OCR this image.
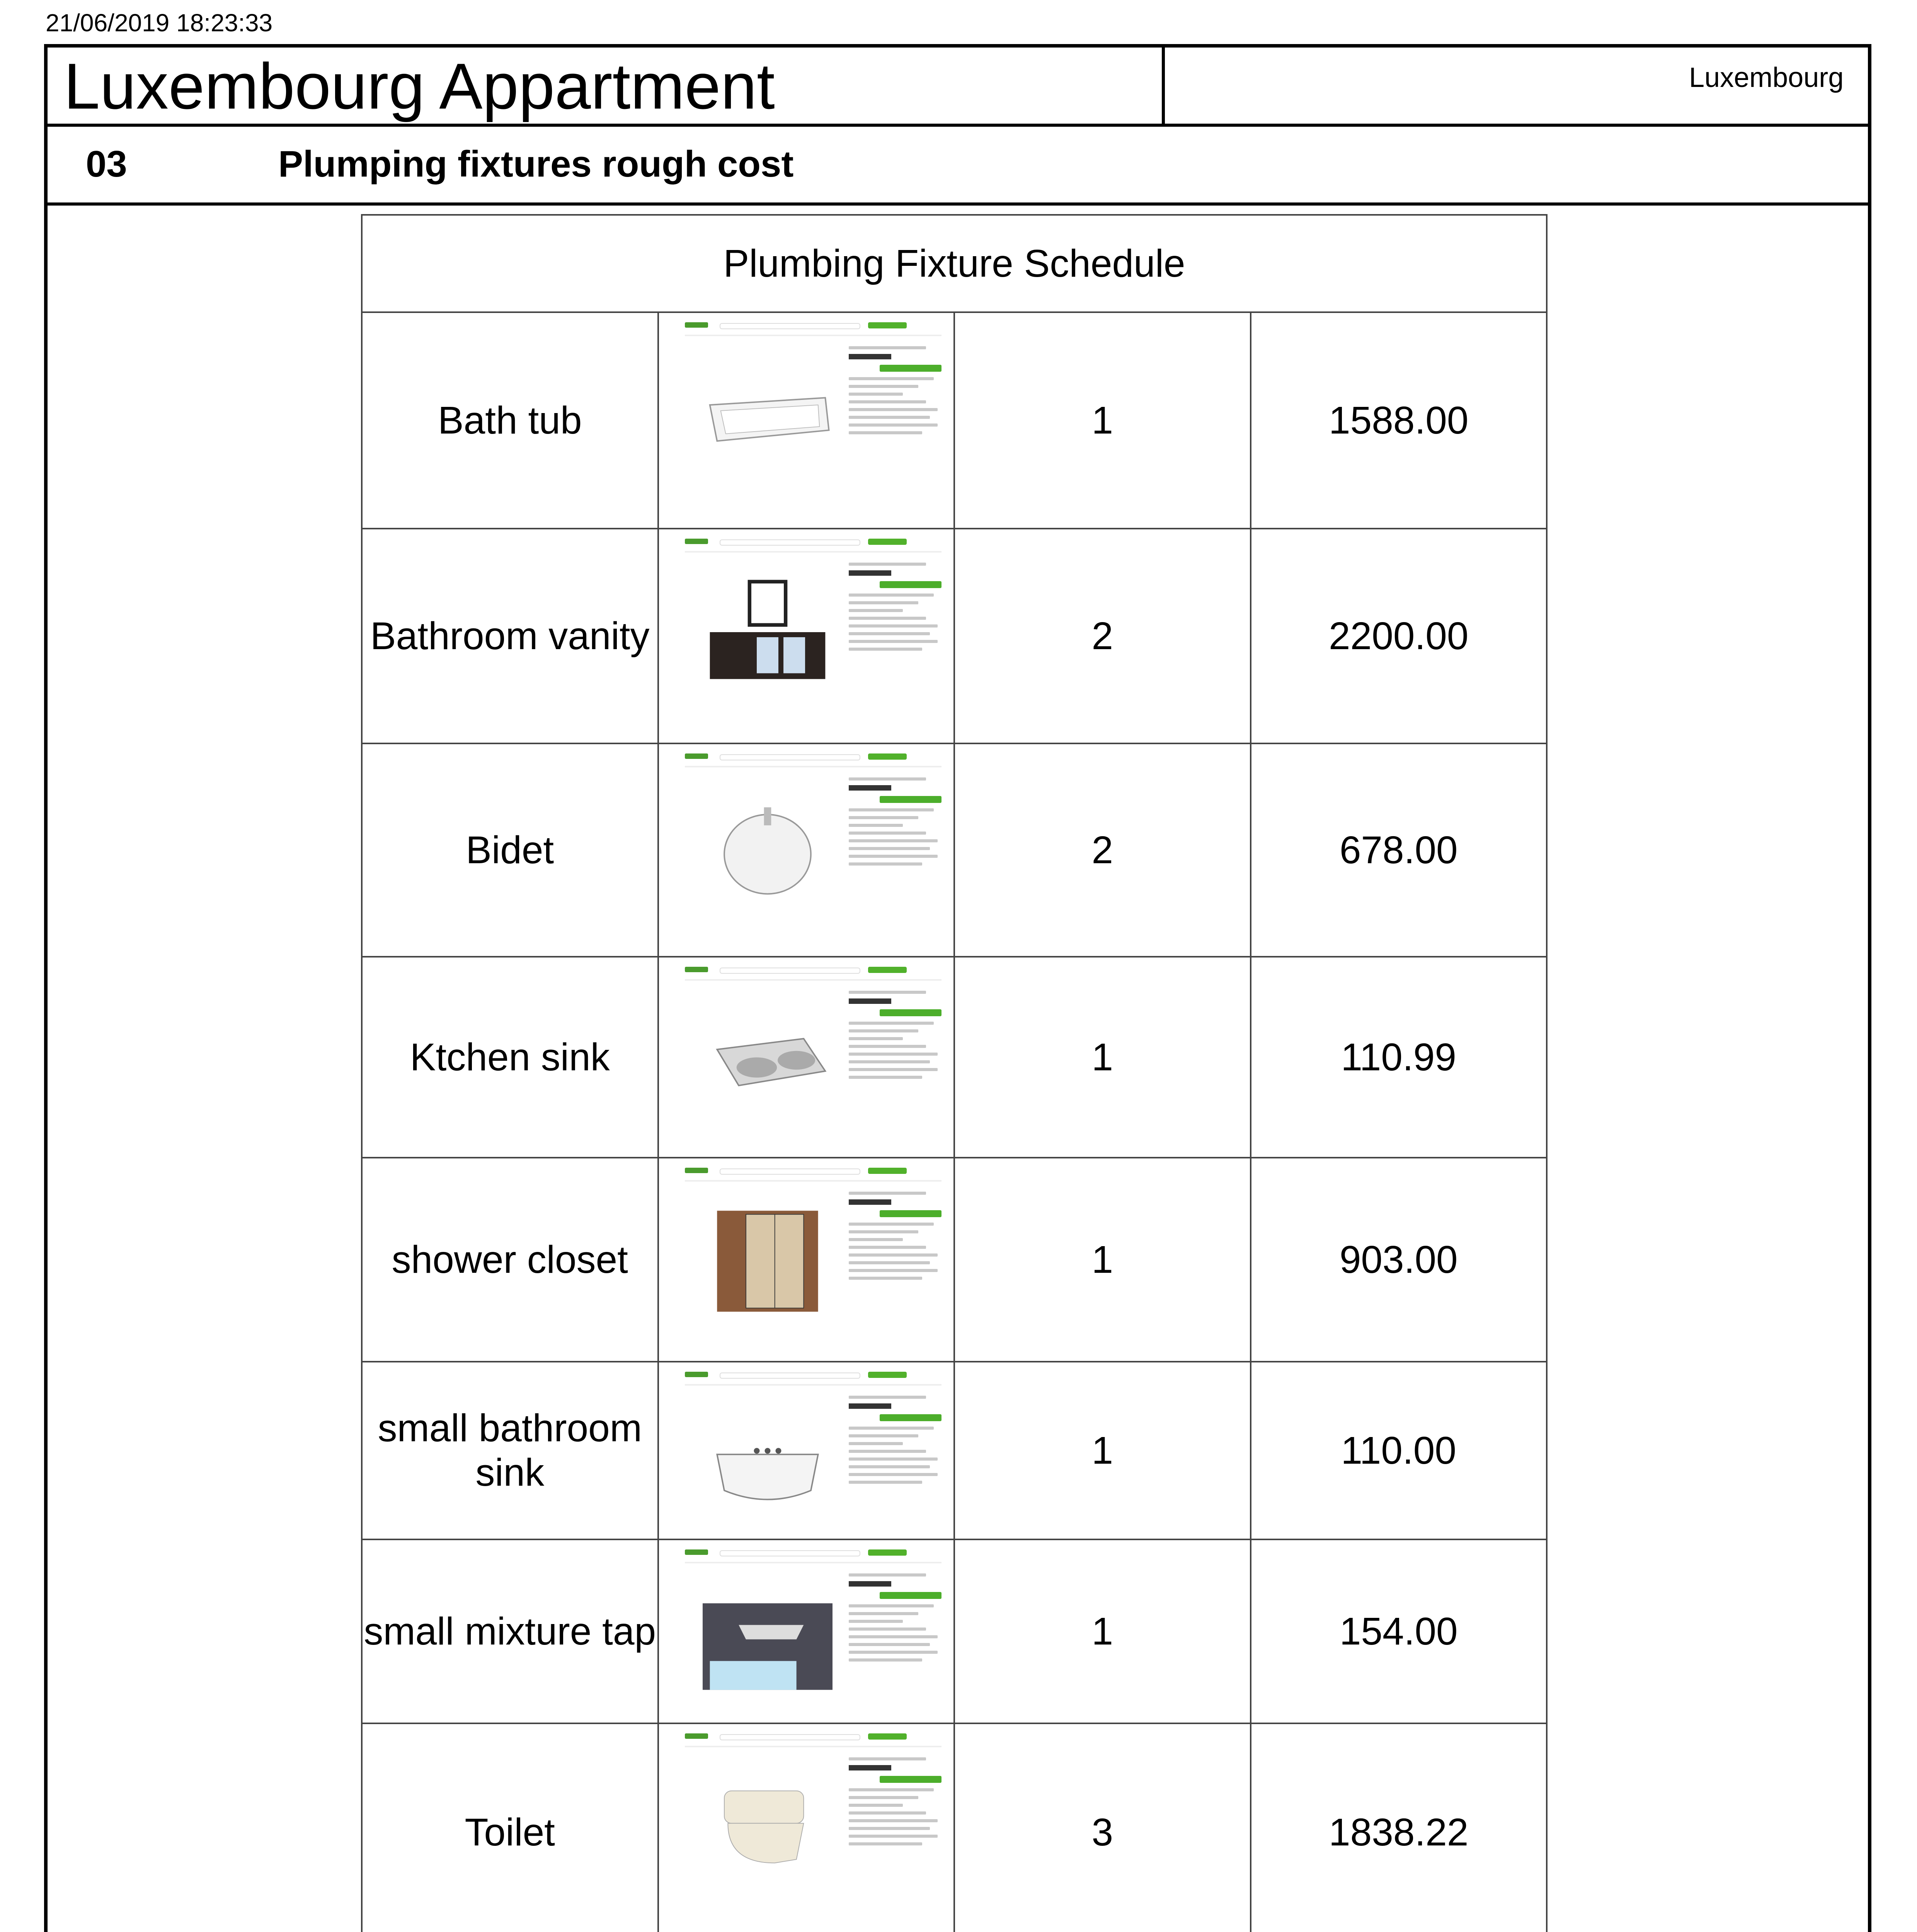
21/06/2019 18:23:33
Luxembourg Appartment	Luxembourg
03	Plumping fixtures rough cost
Plumbing Fixture Schedule			
Bath tub		1	1588.00
Bathroom vanity		2	2200.00
Bidet		2	678.00
Ktchen sink		1	110.99
shower closet		1	903.00
small bathroom sink		1	110.00
small mixture tap		1	154.00
Toilet		3	1838.22
